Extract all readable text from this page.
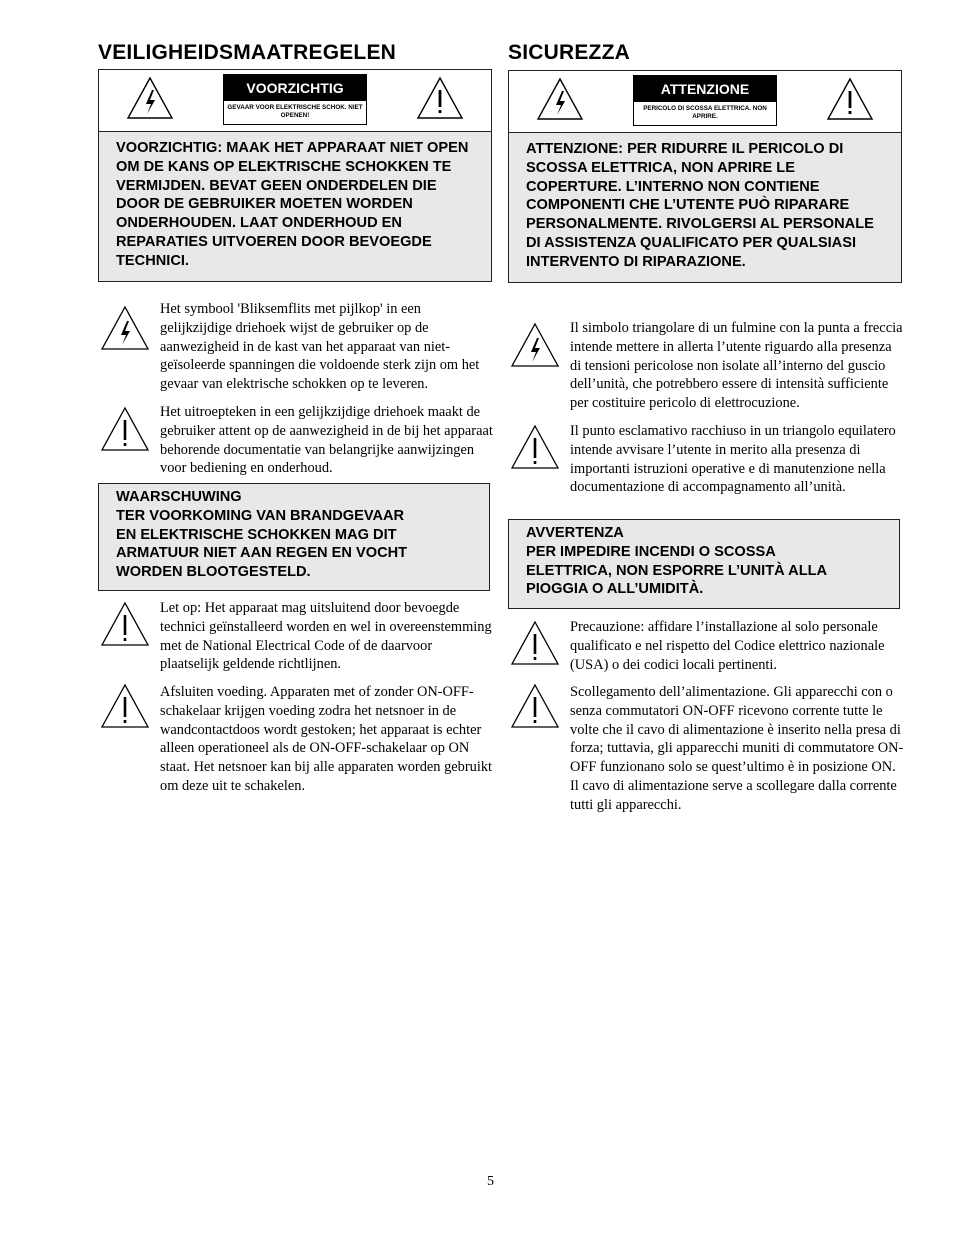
VEILIGHEIDSMAATREGELEN
VOORZICHTIG
GEVAAR VOOR ELEKTRISCHE SCHOK. NIET OPENEN!
VOORZICHTIG: MAAK HET APPARAAT NIET OPEN OM DE KANS OP ELEKTRISCHE SCHOKKEN TE VERMIJDEN. BEVAT GEEN ONDERDELEN DIE DOOR DE GEBRUIKER MOETEN WORDEN ONDERHOUDEN. LAAT ONDERHOUD EN REPARATIES UITVOEREN DOOR BEVOEGDE TECHNICI.
Het symbool 'Bliksemflits met pijlkop' in een gelijkzijdige driehoek wijst de gebruiker op de aanwezigheid in de kast van het apparaat van niet-geïsoleerde spanningen die voldoende sterk zijn om het gevaar van elektrische schokken op te leveren.
Het uitroepteken in een gelijkzijdige driehoek maakt de gebruiker attent op de aanwezigheid in de bij het apparaat behorende documentatie van belangrijke aanwijzingen voor bediening en onderhoud.
WAARSCHUWING
TER VOORKOMING VAN BRANDGEVAAR
EN ELEKTRISCHE SCHOKKEN MAG DIT
ARMATUUR NIET AAN REGEN EN VOCHT
WORDEN BLOOTGESTELD.
Let op: Het apparaat mag uitsluitend door bevoegde technici geïnstalleerd worden en wel in overeenstemming met de National Electrical Code of de daarvoor plaatselijk geldende richtlijnen.
Afsluiten voeding. Apparaten met of zonder ON-OFF-schakelaar krijgen voeding zodra het netsnoer in de wandcontactdoos wordt gestoken; het apparaat is echter alleen operationeel als de ON-OFF-schakelaar op ON staat. Het netsnoer kan bij alle apparaten worden gebruikt om deze uit te schakelen.
SICUREZZA
ATTENZIONE
PERICOLO DI SCOSSA ELETTRICA. NON APRIRE.
ATTENZIONE: PER RIDURRE IL PERICOLO DI SCOSSA ELETTRICA, NON APRIRE LE COPERTURE. L’INTERNO NON CONTIENE COMPONENTI CHE L’UTENTE PUÒ RIPARARE PERSONALMENTE. RIVOLGERSI AL PERSONALE DI ASSISTENZA QUALIFICATO PER QUALSIASI INTERVENTO DI RIPARAZIONE.
Il simbolo triangolare di un fulmine con la punta a freccia intende mettere in allerta l’utente riguardo alla presenza di tensioni pericolose non isolate all’interno del guscio dell’unità, che potrebbero essere di intensità sufficiente per costituire pericolo di elettrocuzione.
Il punto esclamativo racchiuso in un triangolo equilatero intende avvisare l’utente in merito alla presenza di importanti istruzioni operative e di manutenzione nella documentazione di accompagnamento all’unità.
AVVERTENZA
PER IMPEDIRE INCENDI O SCOSSA
ELETTRICA, NON ESPORRE L’UNITÀ ALLA
PIOGGIA O ALL’UMIDITÀ.
Precauzione: affidare l’installazione al solo personale qualificato e nel rispetto del Codice elettrico nazionale (USA) o dei codici locali pertinenti.
Scollegamento dell’alimentazione. Gli apparecchi con o senza commutatori ON-OFF ricevono corrente tutte le volte che il cavo di alimentazione è inserito nella presa di forza; tuttavia, gli apparecchi muniti di commutatore ON-OFF funzionano solo se quest’ultimo è in posizione ON. Il cavo di alimentazione serve a scollegare dalla corrente tutti gli apparecchi.
5
